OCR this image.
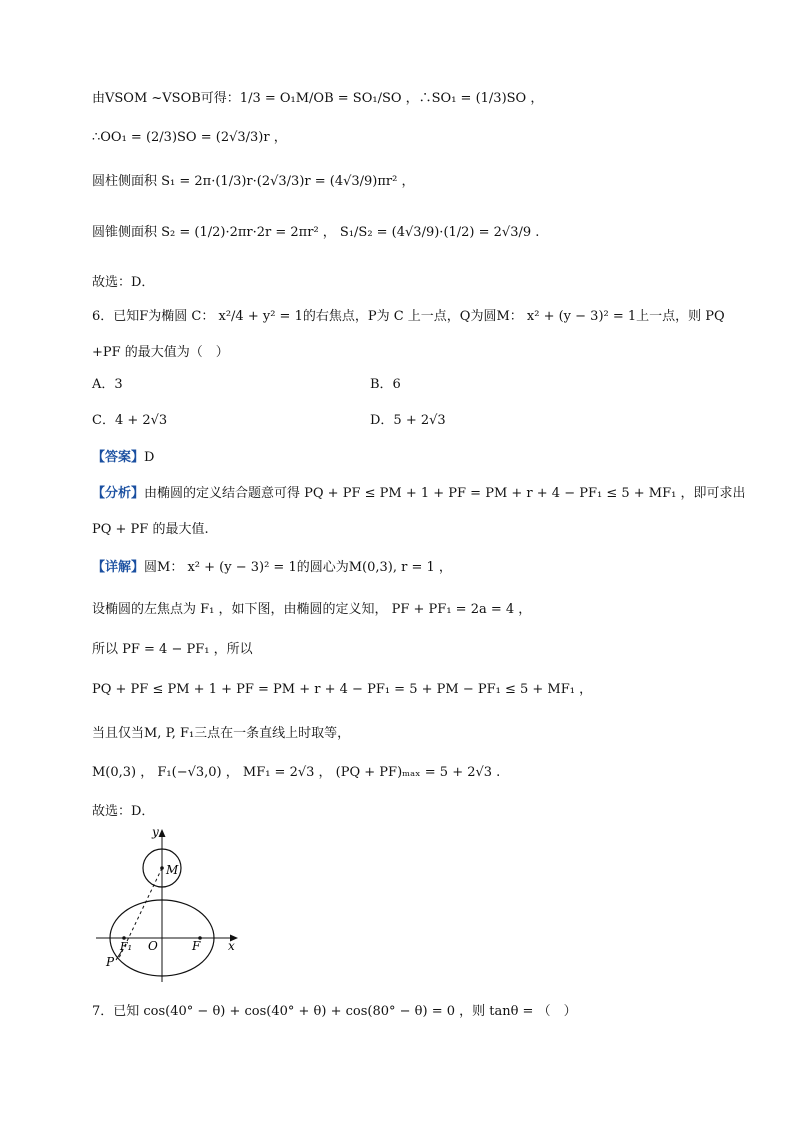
由VSOM ~VSOB可得：1/3 = O₁M/OB = SO₁/SO ，∴SO₁ = (1/3)SO ，
∴OO₁ = (2/3)SO = (2√3/3)r ，
圆柱侧面积 S₁ = 2π·(1/3)r·(2√3/3)r = (4√3/9)πr² ，
圆锥侧面积 S₂ = (1/2)·2πr·2r = 2πr² ， S₁/S₂ = (4√3/9)·(1/2) = 2√3/9 .
故选：D．
6．已知F为椭圆 C： x²/4 + y² = 1的右焦点，P为 C 上一点，Q为圆M： x² + (y − 3)² = 1上一点，则 PQ
+PF 的最大值为（　）
A．3	B．6
C．4 + 2√3	D．5 + 2√3
【答案】D
【分析】由椭圆的定义结合题意可得 PQ + PF ≤ PM + 1 + PF = PM + r + 4 − PF₁ ≤ 5 + MF₁ ，即可求出
PQ + PF 的最大值.
【详解】圆M： x² + (y − 3)² = 1的圆心为M(0,3), r = 1 ，
设椭圆的左焦点为 F₁ ，如下图，由椭圆的定义知， PF + PF₁ = 2a = 4 ，
所以 PF = 4 − PF₁ ，所以
PQ + PF ≤ PM + 1 + PF = PM + r + 4 − PF₁ = 5 + PM − PF₁ ≤ 5 + MF₁ ，
当且仅当M, P, F₁三点在一条直线上时取等，
M(0,3) ， F₁(−√3,0) ， MF₁ = 2√3 ， (PQ + PF)ₘₐₓ = 5 + 2√3 .
故选：D．
y
x
M
O	F
F₁
P
7．已知 cos(40° − θ) + cos(40° + θ) + cos(80° − θ) = 0 ，则 tanθ = （　）
